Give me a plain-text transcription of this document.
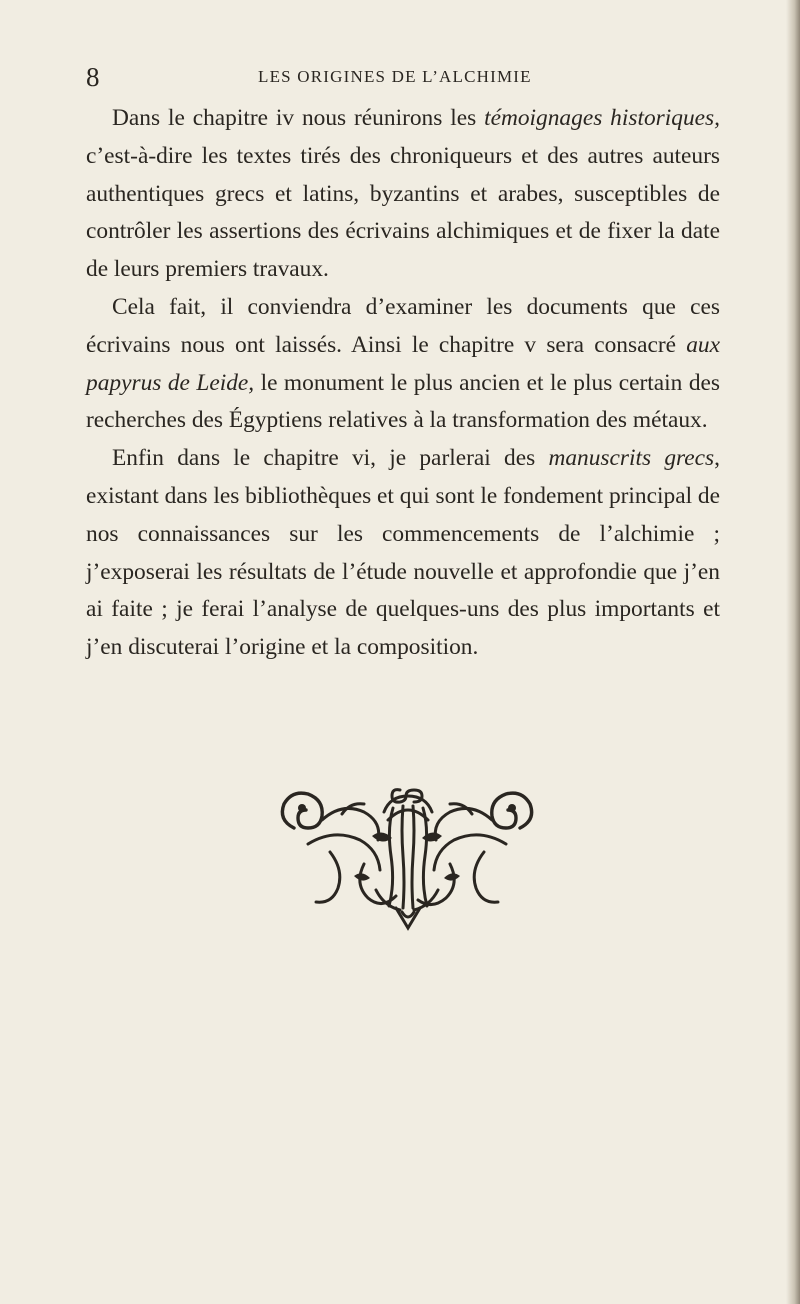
8	LES ORIGINES DE L’ALCHIMIE

Dans le chapitre iv nous réunirons les témoignages historiques, c’est-à-dire les textes tirés des chroniqueurs et des autres auteurs authentiques grecs et latins, byzantins et arabes, susceptibles de contrôler les assertions des écrivains alchimiques et de fixer la date de leurs premiers travaux.

Cela fait, il conviendra d’examiner les documents que ces écrivains nous ont laissés. Ainsi le chapitre v sera consacré aux papyrus de Leide, le monument le plus ancien et le plus certain des recherches des Égyptiens relatives à la transformation des métaux.

Enfin dans le chapitre vi, je parlerai des manuscrits grecs, existant dans les bibliothèques et qui sont le fondement principal de nos connaissances sur les commencements de l’alchimie ; j’exposerai les résultats de l’étude nouvelle et approfondie que j’en ai faite ; je ferai l’analyse de quelques-uns des plus importants et j’en discuterai l’origine et la composition.
